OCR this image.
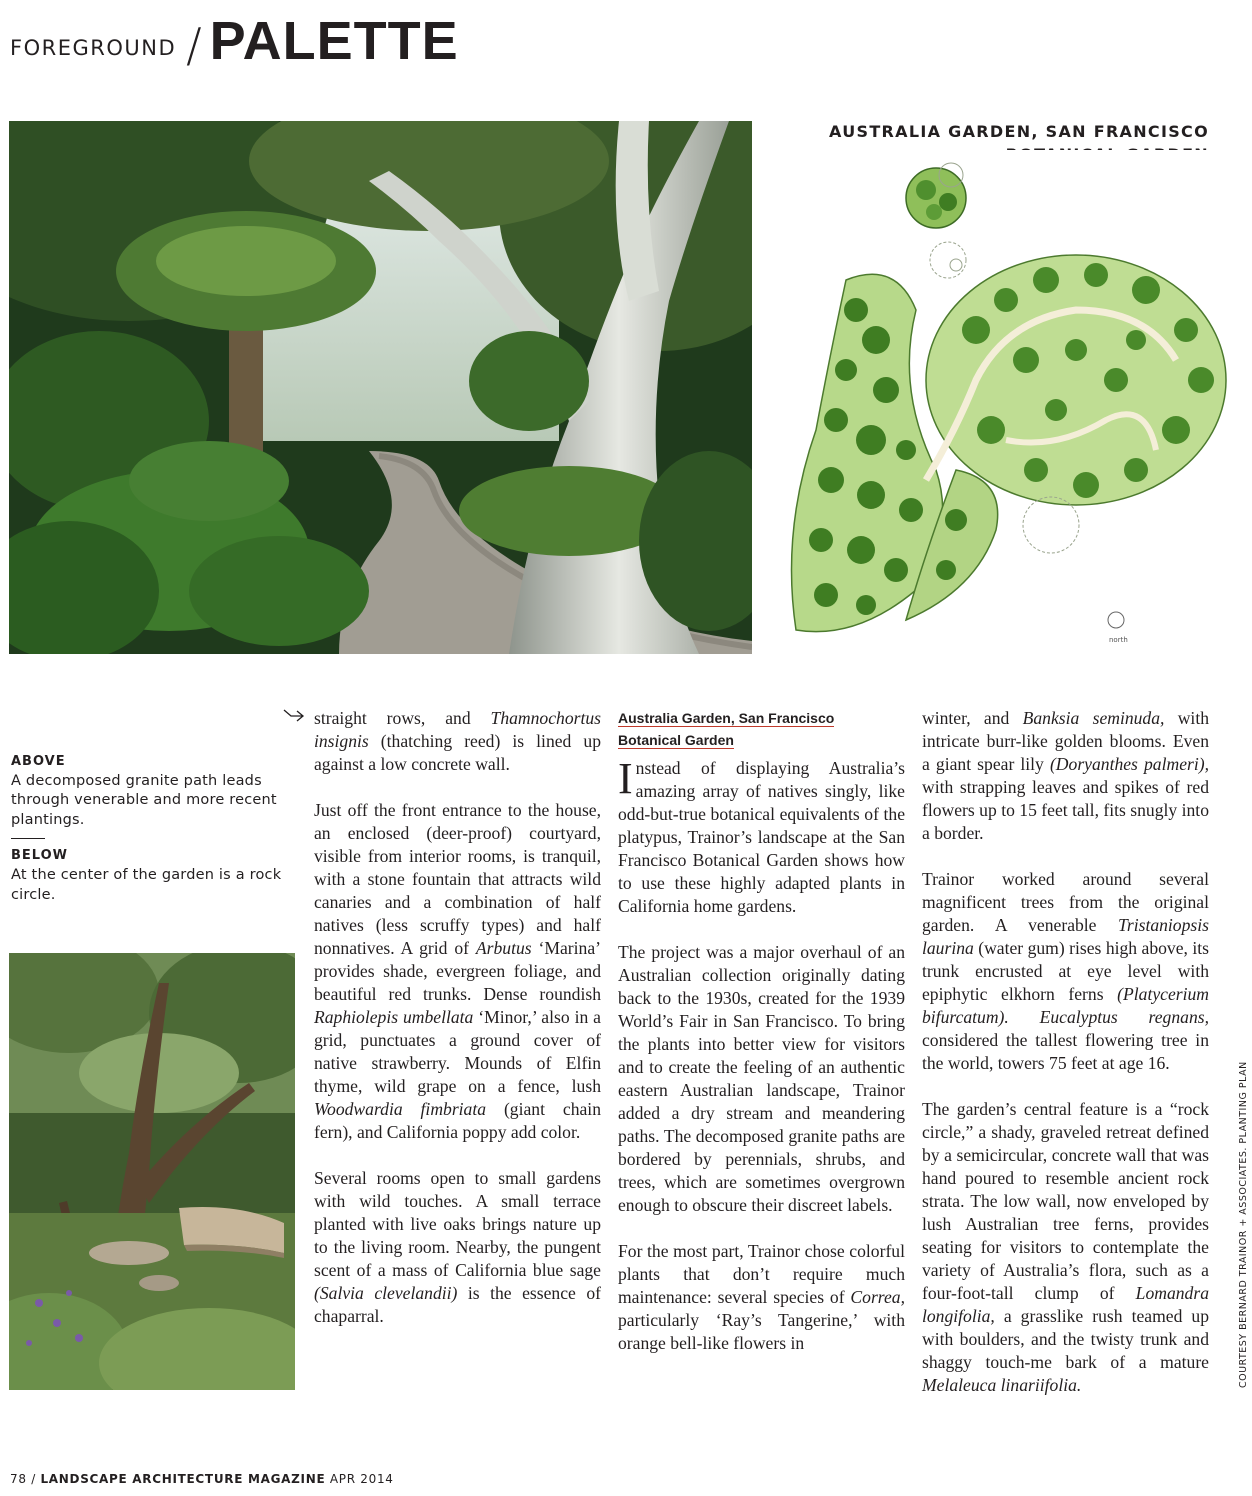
FOREGROUND / PALETTE
AUSTRALIA GARDEN, SAN FRANCISCO
north
ABOVE
A decomposed granite path leads through venerable and more recent plantings.
BELOW
At the center of the garden is a rock circle.

straight rows, and Thamnochortus insignis (thatching reed) is lined up against a low concrete wall.

Just off the front entrance to the house, an enclosed (deer-proof) courtyard, visible from interior rooms, is tranquil, with a stone fountain that attracts wild canaries and a combination of half natives (less scruffy types) and half nonnatives. A grid of Arbutus ‘Marina’ provides shade, evergreen foliage, and beautiful red trunks. Dense roundish Raphiolepis umbellata ‘Minor,’ also in a grid, punctuates a ground cover of native strawberry. Mounds of Elfin thyme, wild grape on a fence, lush Woodwardia fimbriata (giant chain fern), and California poppy add color.

Several rooms open to small gardens with wild touches. A small terrace planted with live oaks brings nature up to the living room. Nearby, the pungent scent of a mass of California blue sage (Salvia clevelandii) is the essence of chaparral.

Australia Garden, San Francisco
Botanical Garden

Instead of displaying Australia’s amazing array of natives singly, like odd-but-true botanical equivalents of the platypus, Trainor’s landscape at the San Francisco Botanical Garden shows how to use these highly adapted plants in California home gardens.

The project was a major overhaul of an Australian collection originally dating back to the 1930s, created for the 1939 World’s Fair in San Francisco. To bring the plants into better view for visitors and to create the feeling of an authentic eastern Australian landscape, Trainor added a dry stream and meandering paths. The decomposed granite paths are bordered by perennials, shrubs, and trees, which are sometimes overgrown enough to obscure their discreet labels.

For the most part, Trainor chose colorful plants that don’t require much maintenance: several species of Correa, particularly ‘Ray’s Tangerine,’ with orange bell-like flowers in

winter, and Banksia seminuda, with intricate burr-like golden blooms. Even a giant spear lily (Doryanthes palmeri), with strapping leaves and spikes of red flowers up to 15 feet tall, fits snugly into a border.

Trainor worked around several magnificent trees from the original garden. A venerable Tristaniopsis laurina (water gum) rises high above, its trunk encrusted at eye level with epiphytic elkhorn ferns (Platycerium bifurcatum). Eucalyptus regnans, considered the tallest flowering tree in the world, towers 75 feet at age 16.

The garden’s central feature is a “rock circle,” a shady, graveled retreat defined by a semicircular, concrete wall that was hand poured to resemble ancient rock strata. The low wall, now enveloped by lush Australian tree ferns, provides seating for visitors to contemplate the variety of Australia’s flora, such as a four-foot-tall clump of Lomandra longifolia, a grasslike rush teamed up with boulders, and the twisty trunk and shaggy touch-me bark of a mature Melaleuca linariifolia.	COURTESY BERNARD TRAINOR + ASSOCIATES. PLANTING PLAN
78 / LANDSCAPE ARCHITECTURE MAGAZINE APR 2014
